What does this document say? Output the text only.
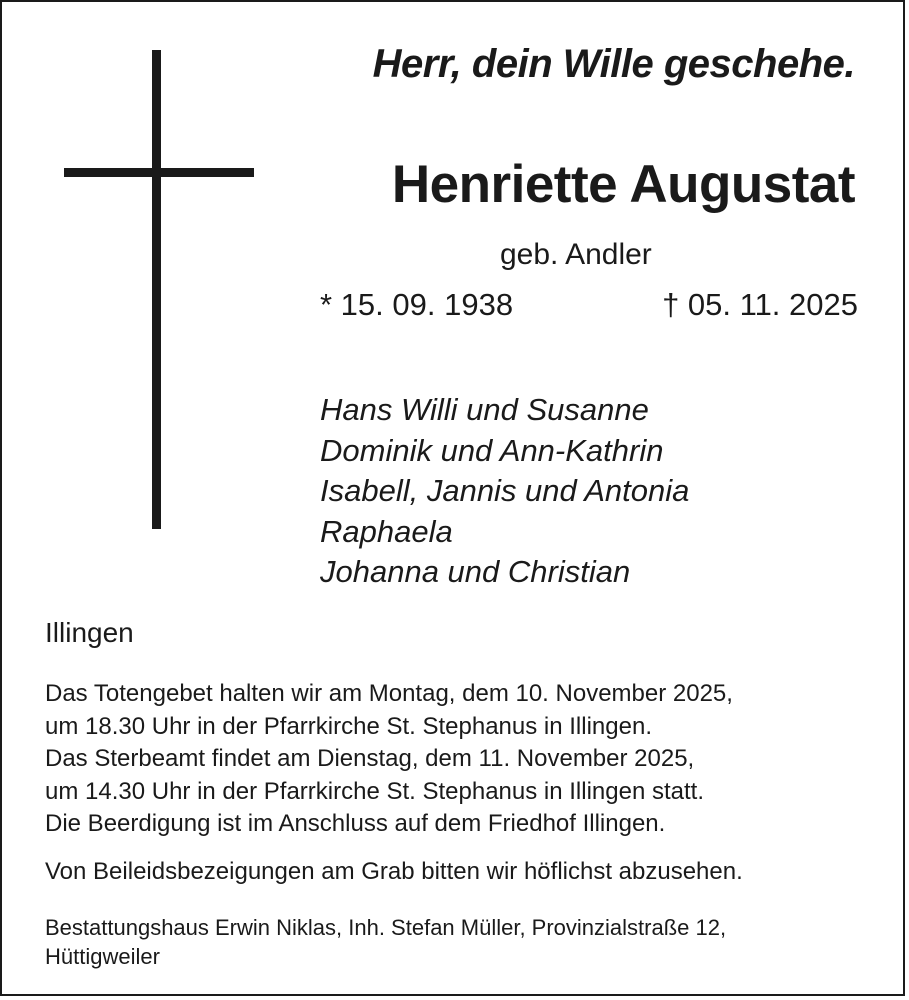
Herr, dein Wille geschehe.
Henriette Augustat
geb. Andler
* 15. 09. 1938	† 05. 11. 2025
Hans Willi und Susanne
Dominik und Ann-Kathrin
Isabell, Jannis und Antonia
Raphaela
Johanna und Christian
Illingen
Das Totengebet halten wir am Montag, dem 10. November 2025,
um 18.30 Uhr in der Pfarrkirche St. Stephanus in Illingen.
Das Sterbeamt findet am Dienstag, dem 11. November 2025,
um 14.30 Uhr in der Pfarrkirche St. Stephanus in Illingen statt.
Die Beerdigung ist im Anschluss auf dem Friedhof Illingen.
Von Beileidsbezeigungen am Grab bitten wir höflichst abzusehen.
Bestattungshaus Erwin Niklas, Inh. Stefan Müller, Provinzialstraße 12,
Hüttigweiler
